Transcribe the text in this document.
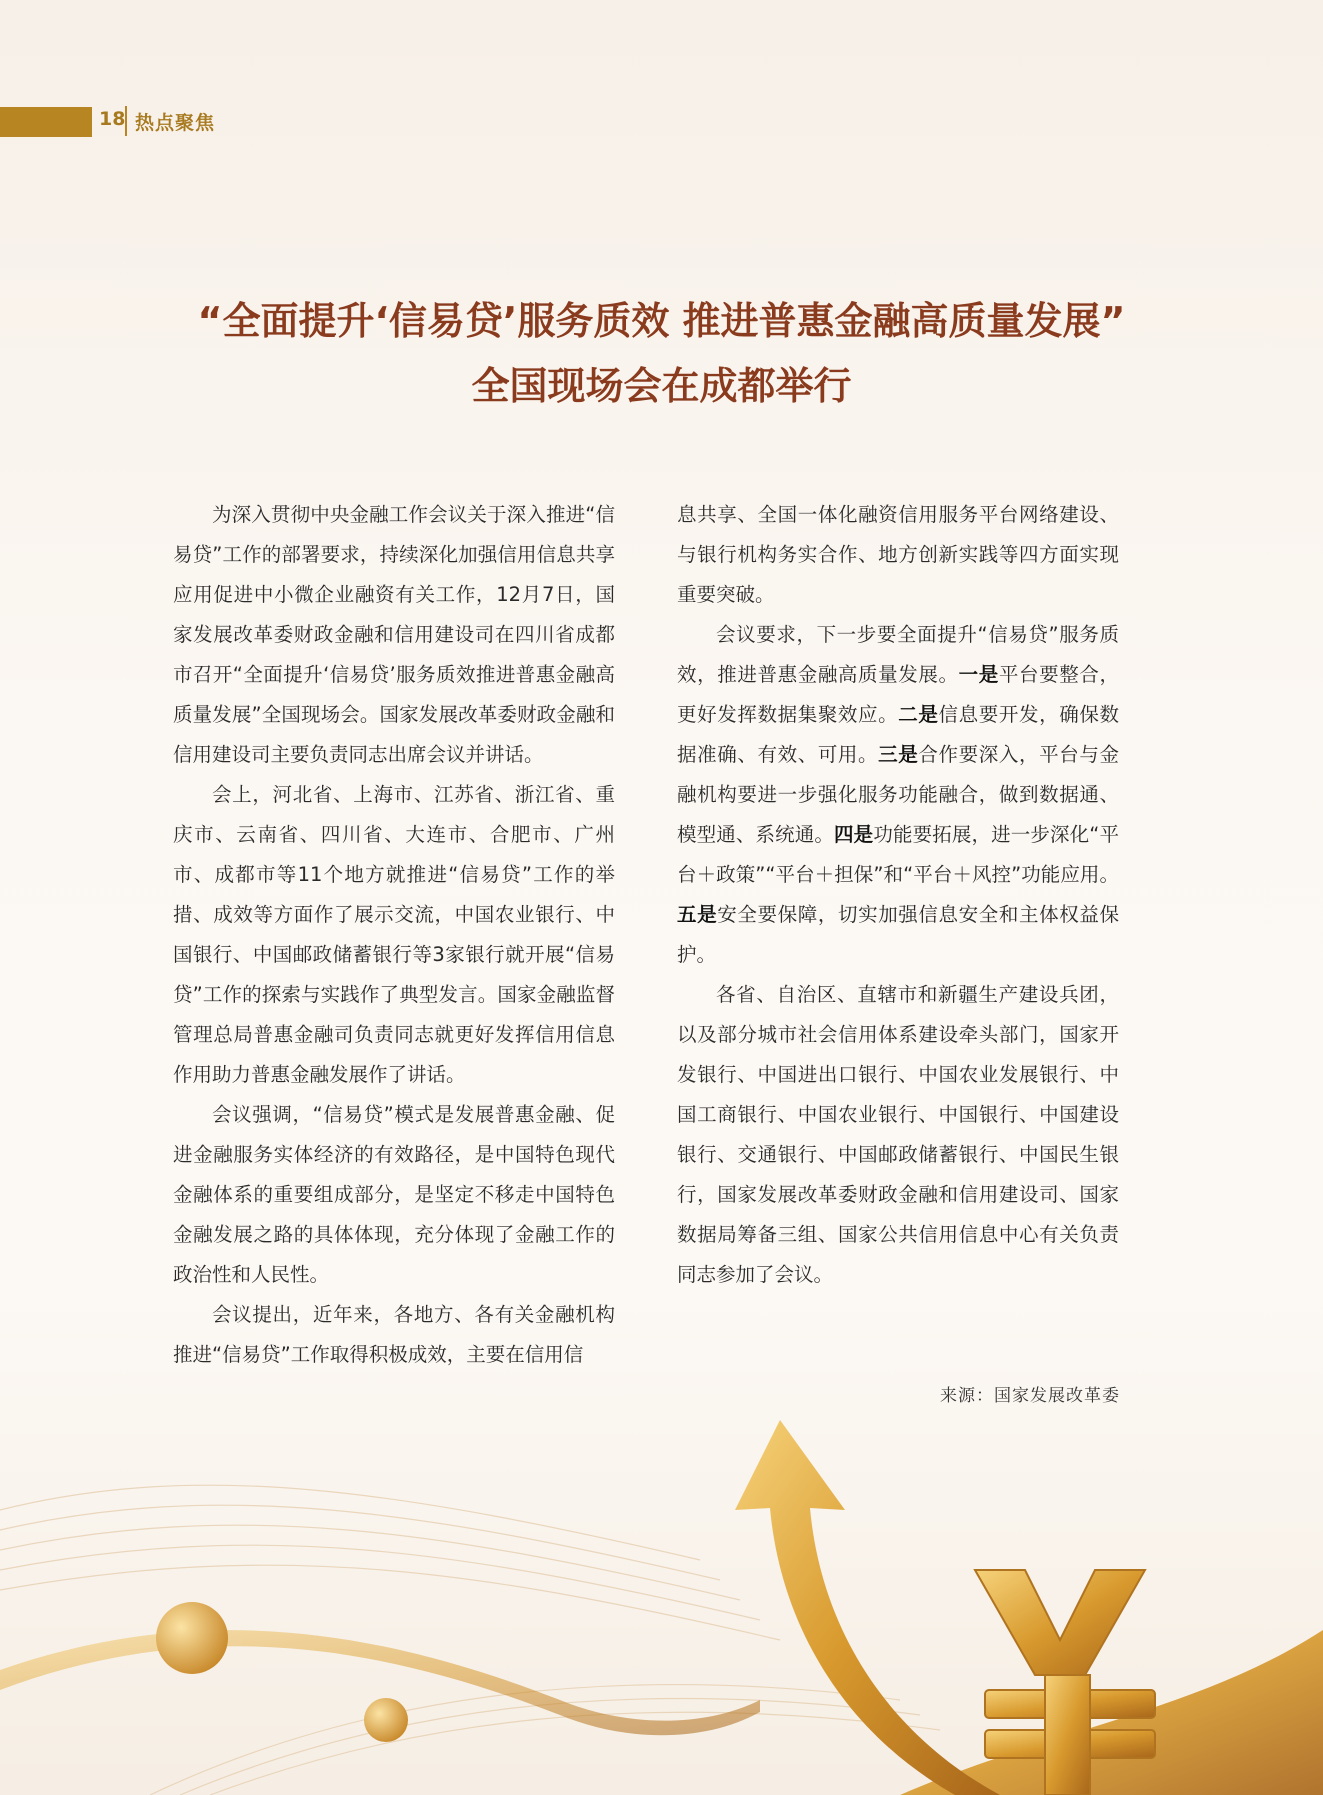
18 热点聚焦
“全面提升‘信易贷’服务质效 推进普惠金融高质量发展”
全国现场会在成都举行

为深入贯彻中央金融工作会议关于深入推进“信易贷”工作的部署要求，持续深化加强信用信息共享应用促进中小微企业融资有关工作，12月7日，国家发展改革委财政金融和信用建设司在四川省成都市召开“全面提升‘信易贷’服务质效推进普惠金融高质量发展”全国现场会。国家发展改革委财政金融和信用建设司主要负责同志出席会议并讲话。

会上，河北省、上海市、江苏省、浙江省、重庆市、云南省、四川省、大连市、合肥市、广州市、成都市等11个地方就推进“信易贷”工作的举措、成效等方面作了展示交流，中国农业银行、中国银行、中国邮政储蓄银行等3家银行就开展“信易贷”工作的探索与实践作了典型发言。国家金融监督管理总局普惠金融司负责同志就更好发挥信用信息作用助力普惠金融发展作了讲话。

会议强调，“信易贷”模式是发展普惠金融、促进金融服务实体经济的有效路径，是中国特色现代金融体系的重要组成部分，是坚定不移走中国特色金融发展之路的具体体现，充分体现了金融工作的政治性和人民性。

会议提出，近年来，各地方、各有关金融机构推进“信易贷”工作取得积极成效，主要在信用信

息共享、全国一体化融资信用服务平台网络建设、与银行机构务实合作、地方创新实践等四方面实现重要突破。

会议要求，下一步要全面提升“信易贷”服务质效，推进普惠金融高质量发展。一是平台要整合，更好发挥数据集聚效应。二是信息要开发，确保数据准确、有效、可用。三是合作要深入，平台与金融机构要进一步强化服务功能融合，做到数据通、模型通、系统通。四是功能要拓展，进一步深化“平台＋政策”“平台＋担保”和“平台＋风控”功能应用。五是安全要保障，切实加强信息安全和主体权益保护。

各省、自治区、直辖市和新疆生产建设兵团，以及部分城市社会信用体系建设牵头部门，国家开发银行、中国进出口银行、中国农业发展银行、中国工商银行、中国农业银行、中国银行、中国建设银行、交通银行、中国邮政储蓄银行、中国民生银行，国家发展改革委财政金融和信用建设司、国家数据局筹备三组、国家公共信用信息中心有关负责同志参加了会议。

来源：国家发展改革委
